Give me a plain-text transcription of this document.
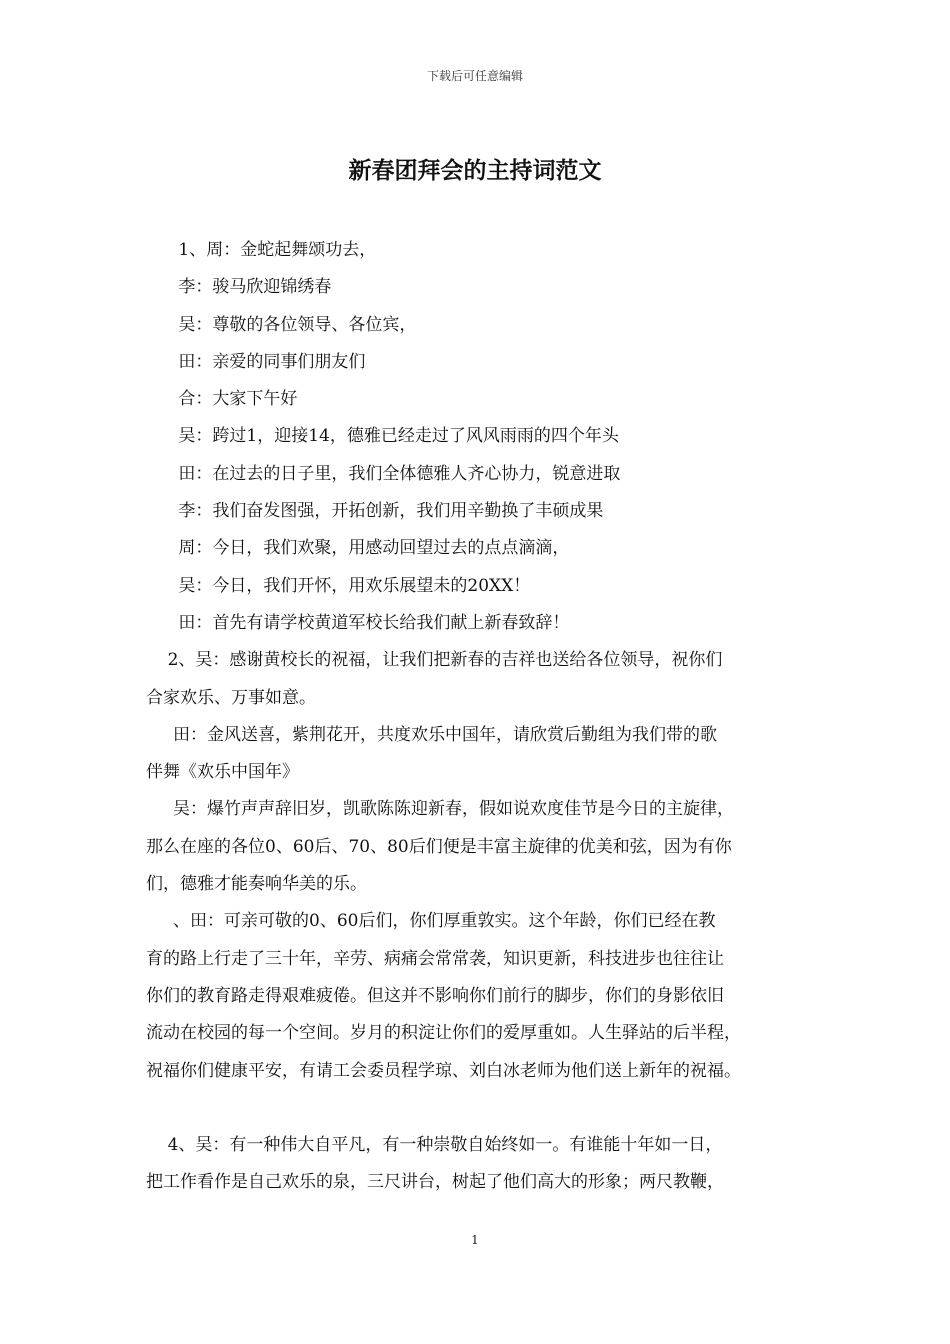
下载后可任意编辑
新春团拜会的主持词范文

1、周：金蛇起舞颂功去，

李：骏马欣迎锦绣春

吴：尊敬的各位领导、各位宾，

田：亲爱的同事们朋友们

合：大家下午好

吴：跨过1，迎接14，德雅已经走过了风风雨雨的四个年头

田：在过去的日子里，我们全体德雅人齐心协力，锐意进取

李：我们奋发图强，开拓创新，我们用辛勤换了丰硕成果

周：今日，我们欢聚，用感动回望过去的点点滴滴，

吴：今日，我们开怀，用欢乐展望未的20XX！

田：首先有请学校黄道军校长给我们献上新春致辞！

2、吴：感谢黄校长的祝福，让我们把新春的吉祥也送给各位领导，祝你们

合家欢乐、万事如意。

田：金风送喜，紫荆花开，共度欢乐中国年，请欣赏后勤组为我们带的歌

伴舞《欢乐中国年》

吴：爆竹声声辞旧岁，凯歌陈陈迎新春，假如说欢度佳节是今日的主旋律，

那么在座的各位0、60后、70、80后们便是丰富主旋律的优美和弦，因为有你

们，德雅才能奏响华美的乐。

、田：可亲可敬的0、60后们，你们厚重敦实。这个年龄，你们已经在教

育的路上行走了三十年，辛劳、病痛会常常袭，知识更新，科技进步也往往让

你们的教育路走得艰难疲倦。但这并不影响你们前行的脚步，你们的身影依旧

流动在校园的每一个空间。岁月的积淀让你们的爱厚重如。人生驿站的后半程，

祝福你们健康平安，有请工会委员程学琼、刘白冰老师为他们送上新年的祝福。

4、吴：有一种伟大自平凡，有一种崇敬自始终如一。有谁能十年如一日，

把工作看作是自己欢乐的泉，三尺讲台，树起了他们高大的形象；两尺教鞭，

1
